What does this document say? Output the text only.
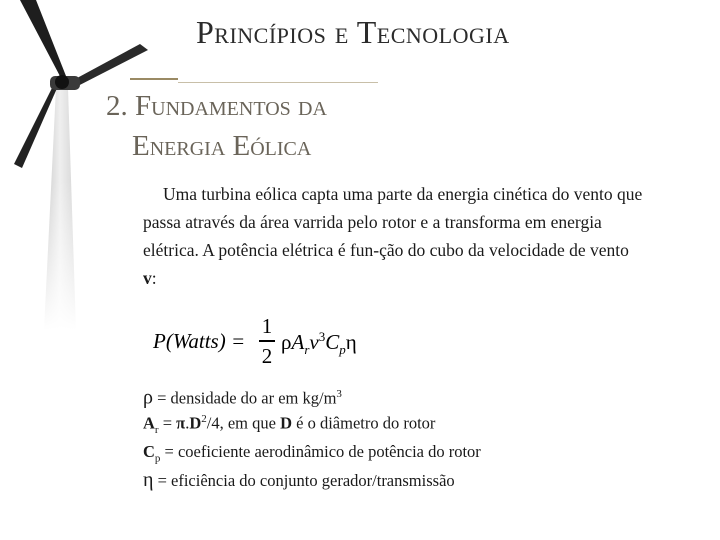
Princípios e Tecnologia
2. Fundamentos da
Energia Eólica

Uma turbina eólica capta uma parte da energia cinética do vento que passa através da área varrida pelo rotor e a transforma em energia elétrica. A potência elétrica é fun-ção do cubo da velocidade de vento v:

P(Watts) =
1
2
$\rho A_rv^3C_p\eta$
ρ = densidade do ar em $kg/m^3$
$A_r = \pi.D^2/4$, em que D é o diâmetro do rotor
$C_p$ = coeficiente aerodinâmico de potência do rotor
η = eficiência do conjunto gerador/transmissão
